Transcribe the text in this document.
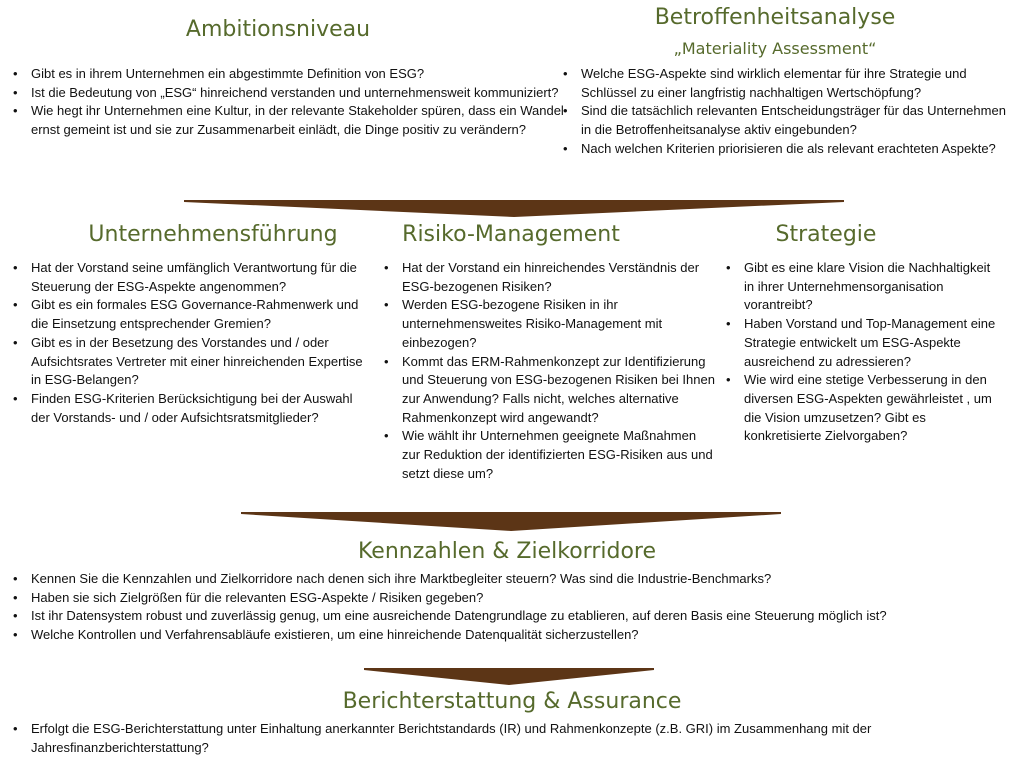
Ambitionsniveau
• Gibt es in ihrem Unternehmen ein abgestimmte Definition von ESG?
• Ist die Bedeutung von „ESG“ hinreichend verstanden und unternehmensweit kommuniziert?
• Wie hegt ihr Unternehmen eine Kultur, in der relevante Stakeholder spüren, dass ein Wandel ernst gemeint ist und sie zur Zusammenarbeit einlädt, die Dinge positiv zu verändern?
Betroffenheitsanalyse
„Materiality Assessment“
• Welche ESG-Aspekte sind wirklich elementar für ihre Strategie und Schlüssel zu einer langfristig nachhaltigen Wertschöpfung?
• Sind die tatsächlich relevanten Entscheidungsträger für das Unternehmen in die Betroffenheitsanalyse aktiv eingebunden?
• Nach welchen Kriterien priorisieren die als relevant erachteten Aspekte?
Unternehmensführung
• Hat der Vorstand seine umfänglich Verantwortung für die Steuerung der ESG-Aspekte angenommen?
• Gibt es ein formales ESG Governance-Rahmenwerk und die Einsetzung entsprechender Gremien?
• Gibt es in der Besetzung des Vorstandes und / oder Aufsichtsrates Vertreter mit einer hinreichenden Expertise in ESG-Belangen?
• Finden ESG-Kriterien Berücksichtigung bei der Auswahl der Vorstands- und / oder Aufsichtsratsmitglieder?
Risiko-Management
• Hat der Vorstand ein hinreichendes Verständnis der ESG-bezogenen Risiken?
• Werden ESG-bezogene Risiken in ihr unternehmensweites Risiko-Management mit einbezogen?
• Kommt das ERM-Rahmenkonzept zur Identifizierung und Steuerung von ESG-bezogenen Risiken bei Ihnen zur Anwendung? Falls nicht, welches alternative Rahmenkonzept wird angewandt?
• Wie wählt ihr Unternehmen geeignete Maßnahmen zur Reduktion der identifizierten ESG-Risiken aus und setzt diese um?
Strategie
• Gibt es eine klare Vision die Nachhaltigkeit in ihrer Unternehmensorganisation vorantreibt?
• Haben Vorstand und Top-Management eine Strategie entwickelt um ESG-Aspekte ausreichend zu adressieren?
• Wie wird eine stetige Verbesserung in den diversen ESG-Aspekten gewährleistet , um die Vision umzusetzen? Gibt es konkretisierte Zielvorgaben?
Kennzahlen & Zielkorridore
• Kennen Sie die Kennzahlen und Zielkorridore nach denen sich ihre Marktbegleiter steuern? Was sind die Industrie-Benchmarks?
• Haben sie sich Zielgrößen für die relevanten ESG-Aspekte / Risiken gegeben?
• Ist ihr Datensystem robust und zuverlässig genug, um eine ausreichende Datengrundlage zu etablieren, auf deren Basis eine Steuerung möglich ist?
• Welche Kontrollen und Verfahrensabläufe existieren, um eine hinreichende Datenqualität sicherzustellen?
Berichterstattung & Assurance
• Erfolgt die ESG-Berichterstattung unter Einhaltung anerkannter Berichtstandards (IR) und Rahmenkonzepte (z.B. GRI) im Zusammenhang mit der Jahresfinanzberichterstattung?
